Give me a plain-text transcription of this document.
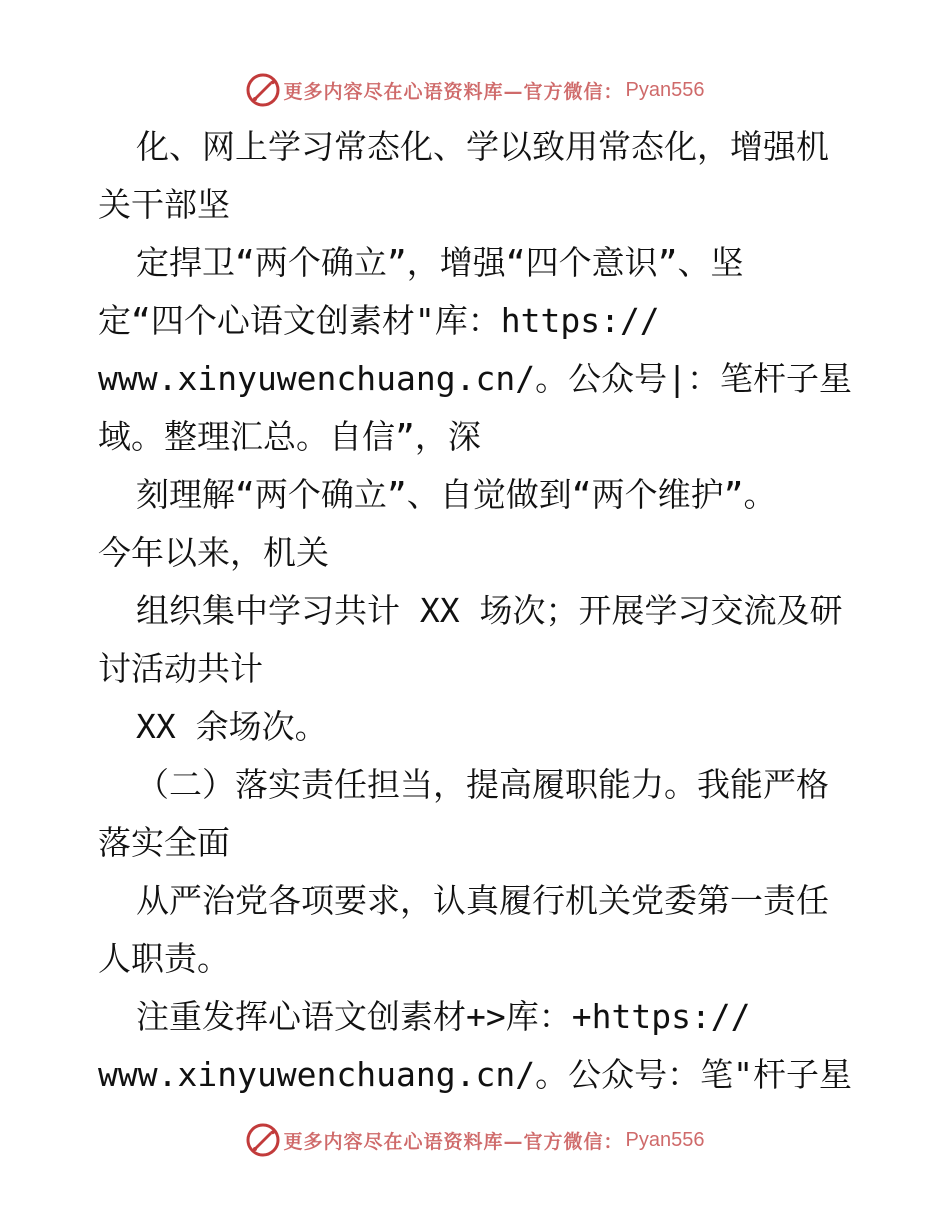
更多内容尽在心语资料库—官方微信： Pyan556
化、网上学习常态化、学以致用常态化，增强机
关干部坚
定捍卫“两个确立”，增强“四个意识”、坚
定“四个心语文创素材"库：https://
www.xinyuwenchuang.cn/。公众号|：笔杆子星
域。整理汇总。自信”，深
刻理解“两个确立”、自觉做到“两个维护”。
今年以来，机关
组织集中学习共计 XX 场次；开展学习交流及研
讨活动共计
XX 余场次。
（二）落实责任担当，提高履职能力。我能严格
落实全面
从严治党各项要求，认真履行机关党委第一责任
人职责。
注重发挥心语文创素材+>库：+https://
www.xinyuwenchuang.cn/。公众号：笔"杆子星
更多内容尽在心语资料库—官方微信： Pyan556
